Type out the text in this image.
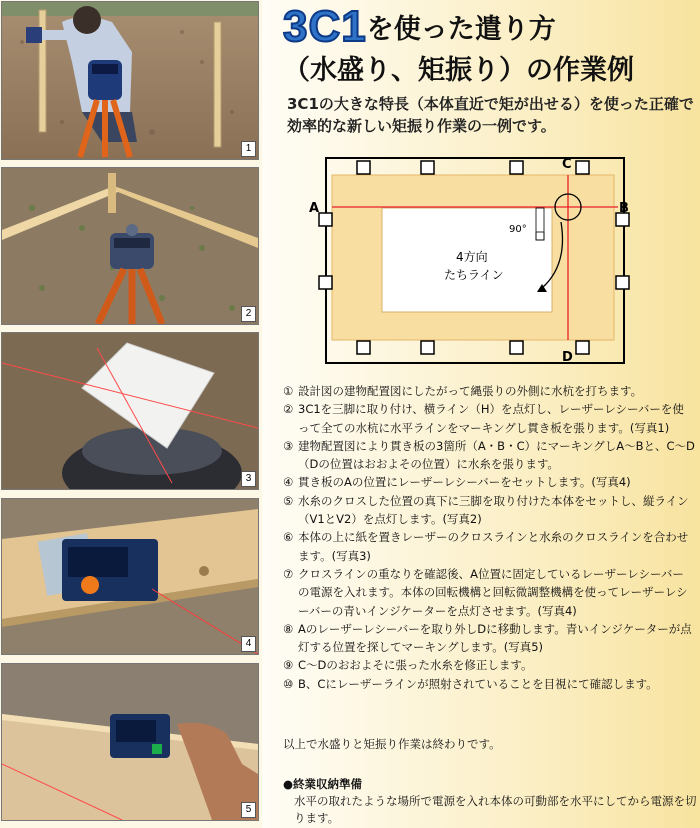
1
2
3
4
5
3C1を使った遣り方
（水盛り、矩振り）の作業例
3C1の大きな特長（本体直近で矩が出せる）を使った正確で効率的な新しい矩振り作業の一例です。
A	B
C
D
90°
4方向
たちライン
① 設計図の建物配置図にしたがって縄張りの外側に水杭を打ちます。
② 3C1を三脚に取り付け、横ライン（H）を点灯し、レーザーレシーバーを使って全ての水杭に水平ラインをマーキングし貫き板を張ります。(写真1)
③ 建物配置図により貫き板の3箇所（A・B・C）にマーキングしA〜Bと、C〜D（Dの位置はおおよその位置）に水糸を張ります。
④ 貫き板のAの位置にレーザーレシーバーをセットします。(写真4)
⑤ 水糸のクロスした位置の真下に三脚を取り付けた本体をセットし、縦ライン（V1とV2）を点灯します。(写真2)
⑥ 本体の上に紙を置きレーザーのクロスラインと水糸のクロスラインを合わせます。(写真3)
⑦ クロスラインの重なりを確認後、A位置に固定しているレーザーレシーバーの電源を入れます。本体の回転機構と回転微調整機構を使ってレーザーレシーバーの青いインジケーターを点灯させます。(写真4)
⑧ Aのレーザーレシーバーを取り外しDに移動します。青いインジケーターが点灯する位置を探してマーキングします。(写真5)
⑨ C〜Dのおおよそに張った水糸を修正します。
⑩ B、Cにレーザーラインが照射されていることを目視にて確認します。
以上で水盛りと矩振り作業は終わりです。
●終業収納準備
水平の取れたような場所で電源を入れ本体の可動部を水平にしてから電源を切ります。
